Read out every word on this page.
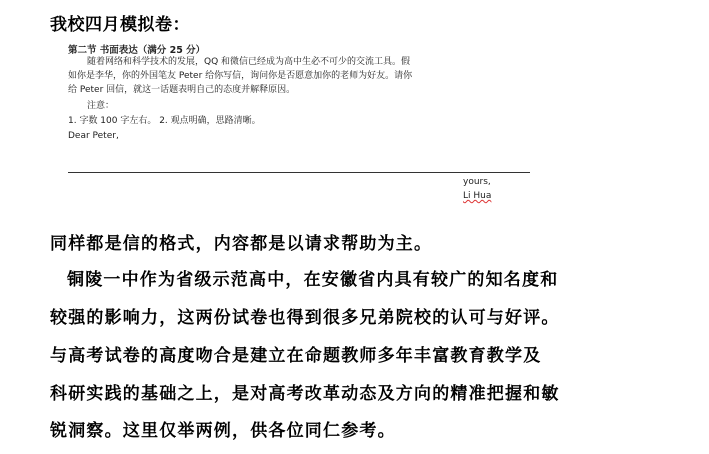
我校四月模拟卷：
第二节 书面表达（满分 25 分）
随着网络和科学技术的发展，QQ 和微信已经成为高中生必不可少的交流工具。假
如你是李华，你的外国笔友 Peter 给你写信，询问你是否愿意加你的老师为好友。请你
给 Peter 回信，就这一话题表明自己的态度并解释原因。
注意：
1. 字数 100 字左右。 2. 观点明确，思路清晰。
Dear Peter,
yours,
Li Hua
同样都是信的格式，内容都是以请求帮助为主。
铜陵一中作为省级示范高中，在安徽省内具有较广的知名度和
较强的影响力，这两份试卷也得到很多兄弟院校的认可与好评。
与高考试卷的高度吻合是建立在命题教师多年丰富教育教学及
科研实践的基础之上，是对高考改革动态及方向的精准把握和敏
锐洞察。这里仅举两例，供各位同仁参考。
